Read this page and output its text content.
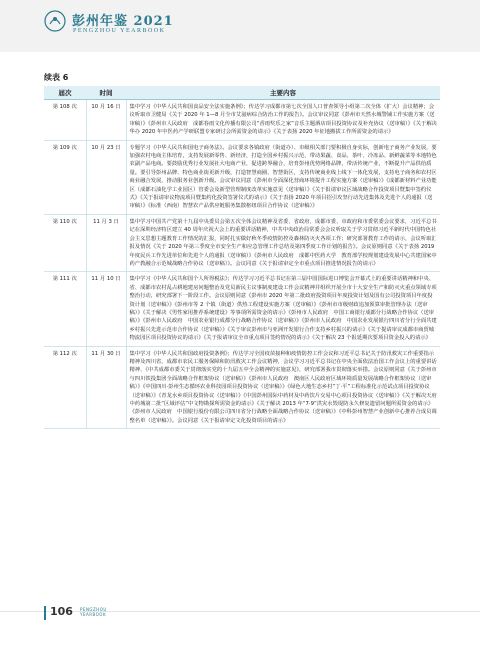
彭州年鉴 2021
PENGZHOU YEARBOOK
续表 6
届次	时间	主要内容
第 108 次	10 月 16 日	集中学习《中华人民共和国食品安全法实施条例》；传达学习成都市第七次全国人口普查领导小组第二次全体（扩大）会议精神；会议听取市卫健局《关于 2020 年 1—8 月全市艾滋病综合防治工作的报告》。会议审议同意《彭州市天然水城警铺工作实施方案（送审稿）》《彭州市人民政府　成都春雨文化传播有限公司“香雨奖乐之家”音乐主题酒店项目投资协议及补充协议（送审稿）》《关于解决华办 2020 年中医药产学研联盟专家研讨会所需资金的请示》《关于表扬 2020 年征地搬拔工作所需资金的请示》
第 109 次	10 月 23 日	专题学习《中华人民共和国电子商务法》。会议要求各镇政府（街道办）、市级相关部门要积极自身实际，创新电子商务产业发展，要加强农村电商主体培育，支持发展新零售、新经济，打造全国乡村振兴示范，带动果蔬、食品、茶叶、冷冻品、新鲜蔬菜等本地特色农副产品电商。要鼓励优秀行业发展社大电商产业，促进跨界融合，培育彭州优势网络品牌，带活传统产业，不断提升产品供给质量。要引导彭州品牌、特色商业街更新升级，打造智慧商圈、智慧街区，支持传统商业线上线下一体化发展，支持电子商务和农村区商业融合发展，推动服务业创新升级。会议审议同意《彭州市全面深化营商环境提升工程实施方案（送审稿）》《成都新材料产业功能区（成都石油化学工业园区）管委会及新型管理制度改革实施意见（送审稿）》《关于报请审议区域战略合作投资项目暨集中签约仪式》《关于报请审议物流项目暨集约化投资签署仪式的请示》《关于表扬 2020 年项目招引攻坚行动先进集体及先进个人的通报（送审稿）》《标准（西南）智慧农产品供应链服务集散枢纽项目合作协议（送审稿）》
第 110 次	11 月 3 日	集中学习中国共产党第十九届中央委员会第五次全体会议精神及省委、省政府、成都市委、市政府和市委常委会议要求，习近平总书记在深圳经济特区建立 40 周年庆祝大会上的重要讲话精神，中共中央政治局常委会会议听取关于学习贯彻习近平新时代中国特色社会主义思想主题教育工作情况的汇报，同时扎实做好秋冬季疫情防控及森林防灭火各项工作；研究部署教育工作的请示，会议听取汇报及情况《关于 2020 年第三季度全市安全生产和应急管理工作总结及第四季度工作计划的报告》。会议原则同意《关于表扬 2019 年度民兵工作先进单位和先进个人的通报（送审稿）》《彭州市人民政府　成都中医药大学　教育部学校规划建设发展中心共建国家中药产教融合示范城战略合作协议（送审稿）》。会议同意《关于报请审定全市重点项目推进情况报告的请示》
第 111 次	11 月 10 日	集中学习《中华人民共和国个人所得税法》；传达学习习近平总书记在第三届中国国际进口博览会开幕式上的重要讲话精神和中央、省、成都市农村乱占耕地建房问题整治及党员新民主议事制度建设工作会议精神并组织开展全市十大安全生产和防灭火重点领域专项整治行动，研究部署下一阶段工作。会议原则同意《彭州市 2020 年第二批政府投资项目年度投资计划及国有公司投资项目年度投资计划（送审稿）》《彭州市等 2 个镇（街道）供热工程建设实施方案（送审稿）》《彭州市市级财政追加预算审批管理办法（送审稿）》《关于解决《男性家用推荐系统建设》等事项所需资金的请示》《彭州市人民政府　中国工商银行成都分行战略合作协议（送审稿）》《彭州市人民政府　中国农业银行成都分行战略合作协议（送审稿）》《彭州市人民政府　中国农业发展银行四川省分行全面共建乡村振兴先进示范市合作协议（送审稿）》《关于审议彭州市与亚洲开发银行合作支持乡村振兴的请示》《关于提请审议成都市商贸城物流园区项目投资协议的请示》《关于报请审议全市重点项目签约情况的请示》《关于解决 23 个报延期次要项目资金投入的请示》
第 112 次	11 月 30 日	集中学习《中华人民共和国政府投资条例》；传达学习全国疫苗接种和疫情防控工作会议和习近平总书记关于防汛救灾工作重要指示精神及四川省、成都市农民工服务保障和防汛救灾工作会议精神，会议学习习近平总书记在中央全面依法治国工作会议上的重要讲话精神、《中共成都市委关于贯彻落实党的十九届五中全会精神的实施意见》，研究部署我市贯彻落实举措。会议原则同意《关于彭州市与四川铁投集团全面战略合作框架协议（送审稿）》《彭州市人民政府　澳南区人民政府区域环境质量发展战略合作框架协议（送审稿）》《中国四川·彭州生态循环农业科技园项目投资协议（送审稿）》《绿色大地生态乡村“丁·平”工程标准化示范试点项目投资协议（送审稿）》《青龙水乡项目投资协议（送审稿）》《中国彭州国际中药材及中药饮片交易中心项目投资协议（送审稿）》《关于解决天府中药城第二批“区域评估”中文物勘探所需资金的请示》《关于解决 2013 年“7·9”洪灾水毁堤防永久修复遗留问题所需资金的请示》《彭州市人民政府　中国银行股份有限公司四川省分行战略全面战略合作协议（送审稿）》《中科彭州智慧产业创新中心推荐合成员调整名单（送审稿）》。会议同意《关于报请审定文化投资项目的请示》
106 PENGZHOU
YEARBOOK
